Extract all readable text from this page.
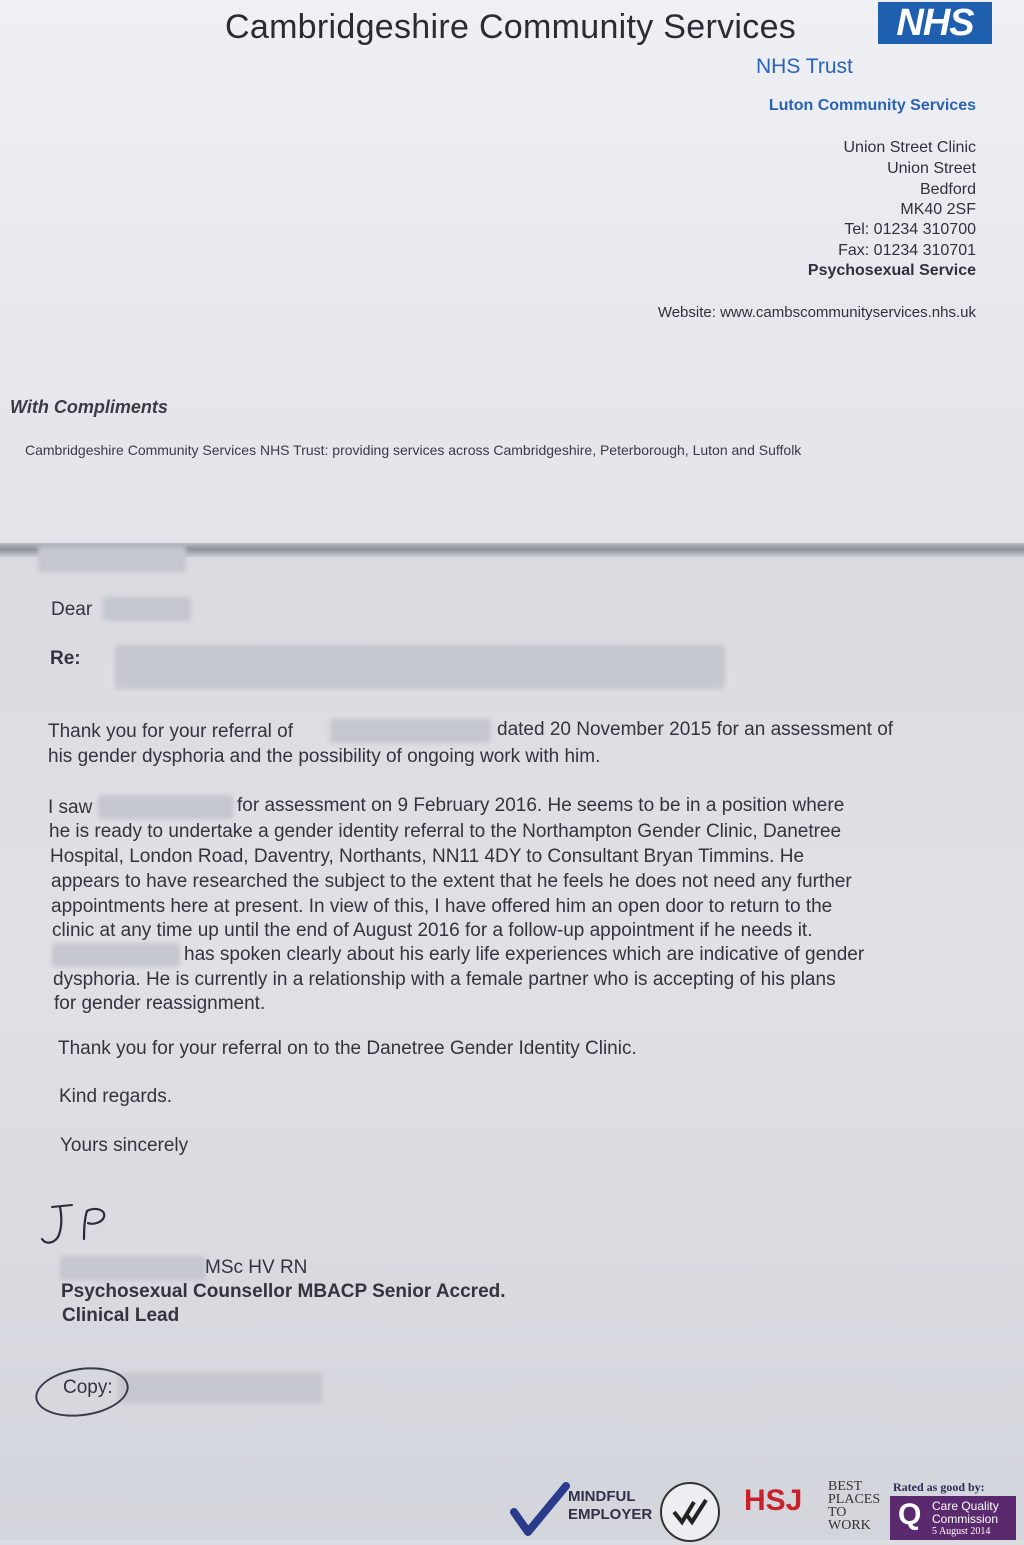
Cambridgeshire Community Services	NHS
NHS Trust
Luton Community Services
Union Street Clinic
Union Street
Bedford
MK40 2SF
Tel: 01234 310700
Fax: 01234 310701
Psychosexual Service
Website: www.cambscommunityservices.nhs.uk
With Compliments
Cambridgeshire Community Services NHS Trust: providing services across Cambridgeshire, Peterborough, Luton and Suffolk
Dear
Re:
Thank you for your referral of	dated 20 November 2015 for an assessment of
his gender dysphoria and the possibility of ongoing work with him.
I saw	for assessment on 9 February 2016. He seems to be in a position where
he is ready to undertake a gender identity referral to the Northampton Gender Clinic, Danetree
Hospital, London Road, Daventry, Northants, NN11 4DY to Consultant Bryan Timmins. He
appears to have researched the subject to the extent that he feels he does not need any further
appointments here at present. In view of this, I have offered him an open door to return to the
clinic at any time up until the end of August 2016 for a follow-up appointment if he needs it.
has spoken clearly about his early life experiences which are indicative of gender
dysphoria. He is currently in a relationship with a female partner who is accepting of his plans
for gender reassignment.
Thank you for your referral on to the Danetree Gender Identity Clinic.
Kind regards.
Yours sincerely
JP
MSc HV RN
Psychosexual Counsellor MBACP Senior Accred.
Clinical Lead
Copy:
MINDFUL EMPLOYER	HSJ BEST PLACES TO WORK
Rated as good by:
Q Care Quality Commission
5 August 2014
